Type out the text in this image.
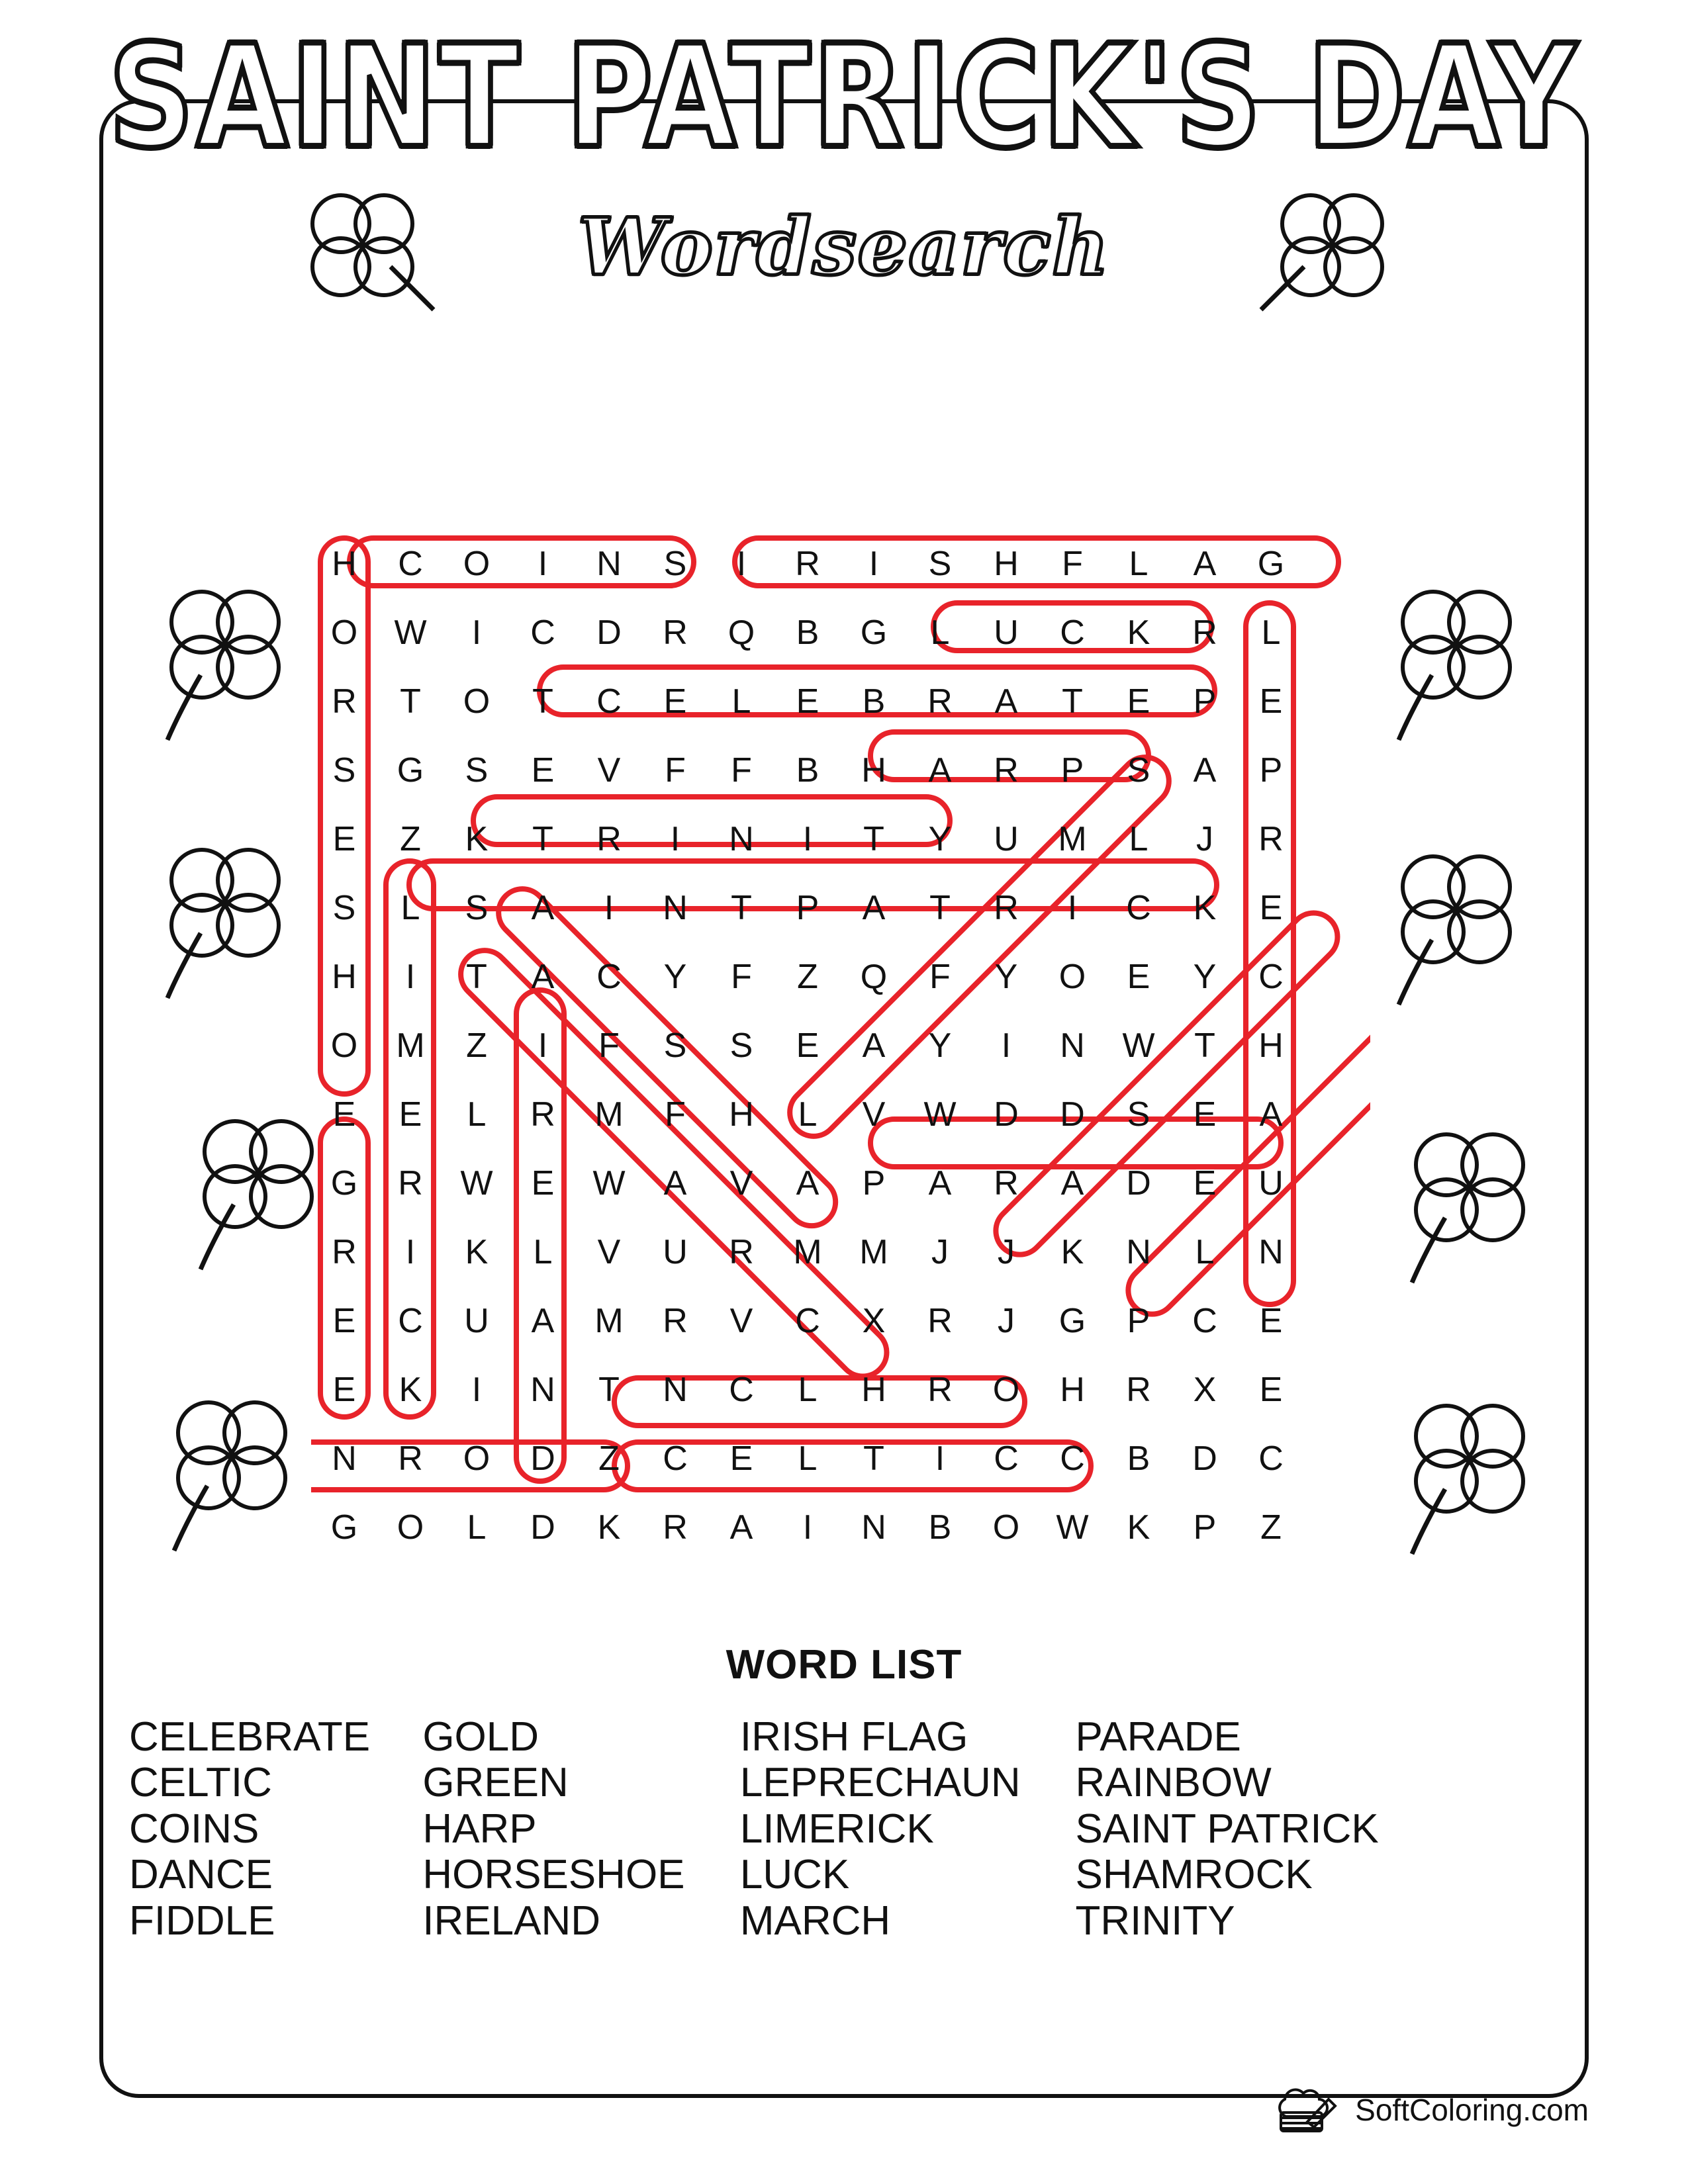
SAINT PATRICK'S DAY
Wordsearch
H	C	O	I	N	S	I	R	I	S	H	F	L	A	G	
O	W	I	C	D	R	Q	B	G	L	U	C	K	R	L	
R	T	O	T	C	E	L	E	B	R	A	T	E	P	E	
S	G	S	E	V	F	F	B	H	A	R	P	S	A	P	
E	Z	K	T	R	I	N	I	T	Y	U	M	L	J	R	
S	L	S	A	I	N	T	P	A	T	R	I	C	K	E	
H	I	T	A	C	Y	F	Z	Q	F	Y	O	E	Y	C	
O	M	Z	I	F	S	S	E	A	Y	I	N	W	T	H	
E	E	L	R	M	F	H	L	V	W	D	D	S	E	A	
G	R	W	E	W	A	V	A	P	A	R	A	D	E	U	
R	I	K	L	V	U	R	M	M	J	J	K	N	L	N	
E	C	U	A	M	R	V	C	X	R	J	G	P	C	E	
E	K	I	N	T	N	C	L	H	R	O	H	R	X	E	
N	R	O	D	Z	C	E	L	T	I	C	C	B	D	C	
G	O	L	D	K	R	A	I	N	B	O	W	K	P	Z	
WORD LIST
CELEBRATE
CELTIC
COINS
DANCE
FIDDLE
GOLD
GREEN
HARP
HORSESHOE
IRELAND
IRISH FLAG
LEPRECHAUN
LIMERICK
LUCK
MARCH
PARADE
RAINBOW
SAINT PATRICK
SHAMROCK
TRINITY
SoftColoring.com
